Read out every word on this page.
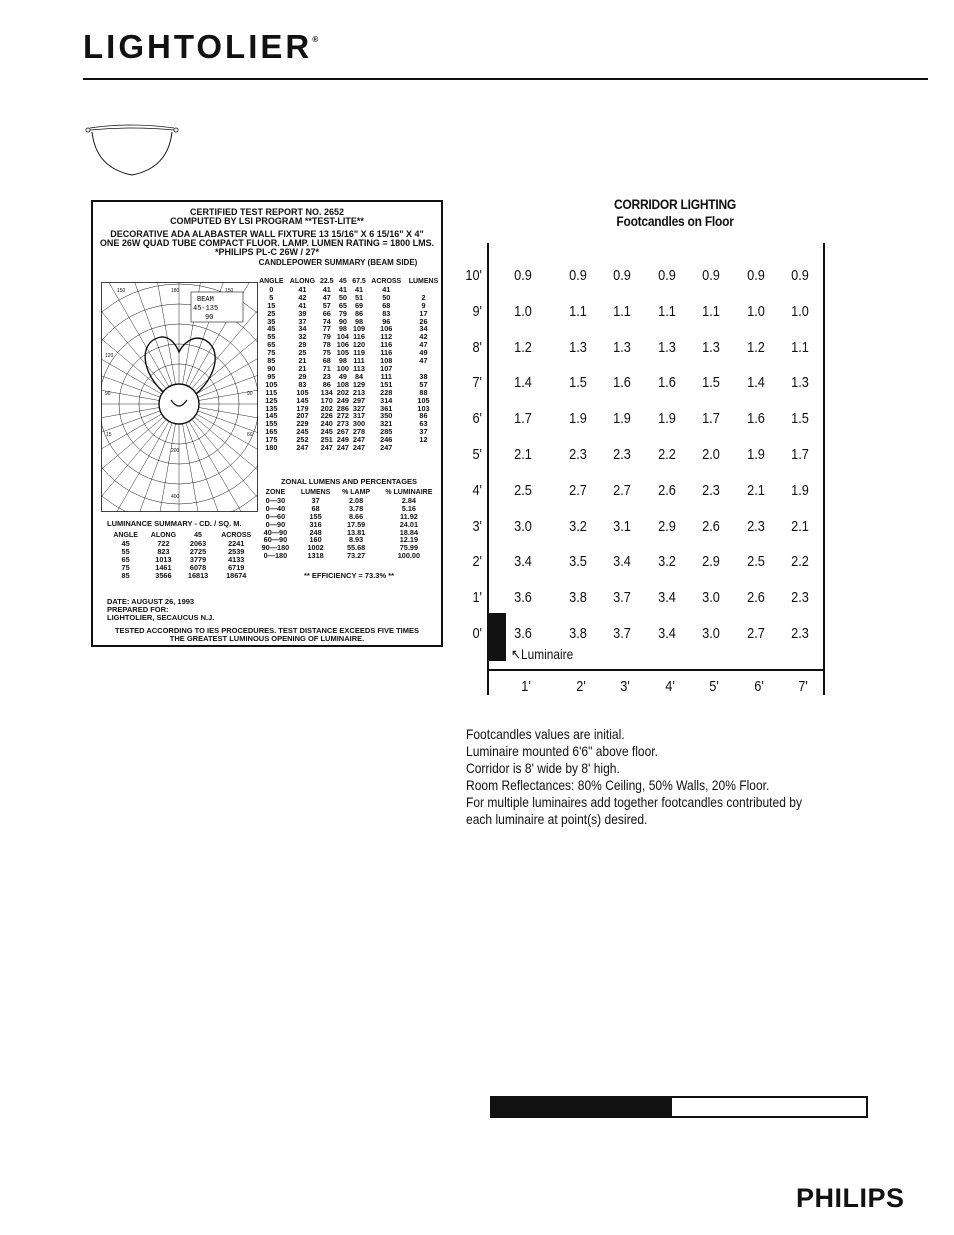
LIGHTOLIER®
CERTIFIED TEST REPORT NO. 2652
COMPUTED BY LSI PROGRAM **TEST-LITE**
DECORATIVE ADA ALABASTER WALL FIXTURE 13 15/16" X 6 15/16" X 4"
ONE 26W QUAD TUBE COMPACT FLUOR. LAMP. LUMEN RATING = 1800 LMS.
*PHILIPS PL-C 26W / 27*
CANDLEPOWER SUMMARY (BEAM SIDE)
BEAM
45-135
90
150	180	150
120
90	90
15	60
200
400
ANGLE	ALONG	22.5	45	67.5	ACROSS	LUMENS
0	41	41	41	41	41	
5	42	47	50	51	50	2
15	41	57	65	69	68	9
25	39	66	79	86	83	17
35	37	74	90	98	96	26
45	34	77	98	109	106	34
55	32	79	104	116	112	42
65	29	78	106	120	116	47
75	25	75	105	119	116	49
85	21	68	98	111	108	47
90	21	71	100	113	107	
95	29	23	49	84	111	38
105	83	86	108	129	151	57
115	105	134	202	213	228	88
125	145	170	249	297	314	105
135	179	202	286	327	361	103
145	207	226	272	317	350	86
155	229	240	273	300	321	63
165	245	245	267	278	285	37
175	252	251	249	247	246	12
180	247	247	247	247	247	
ZONAL LUMENS AND PERCENTAGES
ZONE	LUMENS	% LAMP	% LUMINAIRE
0—30	37	2.08	2.84
0—40	68	3.78	5.16
0—60	155	8.66	11.92
0—90	316	17.59	24.01
40—90	248	13.81	18.84
60—90	160	8.93	12.19
90—180	1002	55.68	75.99
0—180	1318	73.27	100.00
** EFFICIENCY = 73.3% **
LUMINANCE SUMMARY - CD. / SQ. M.
ANGLE	ALONG	45	ACROSS
45	722	2063	2241
55	823	2725	2539
65	1013	3779	4133
75	1461	6078	6719
85	3566	16813	18674
DATE: AUGUST 26, 1993
PREPARED FOR:
LIGHTOLIER, SECAUCUS N.J.
TESTED ACCORDING TO IES PROCEDURES. TEST DISTANCE EXCEEDS FIVE TIMES
THE GREATEST LUMINOUS OPENING OF LUMINAIRE.
CORRIDOR LIGHTING
Footcandles on Floor
↖Luminaire
10'	0.9	0.9	0.9	0.9	0.9	0.9	0.9
9'	1.0	1.1	1.1	1.1	1.1	1.0	1.0
8'	1.2	1.3	1.3	1.3	1.3	1.2	1.1
7'	1.4	1.5	1.6	1.6	1.5	1.4	1.3
6'	1.7	1.9	1.9	1.9	1.7	1.6	1.5
5'	2.1	2.3	2.3	2.2	2.0	1.9	1.7
4'	2.5	2.7	2.7	2.6	2.3	2.1	1.9
3'	3.0	3.2	3.1	2.9	2.6	2.3	2.1
2'	3.4	3.5	3.4	3.2	2.9	2.5	2.2
1'	3.6	3.8	3.7	3.4	3.0	2.6	2.3
0'	3.6	3.8	3.7	3.4	3.0	2.7	2.3
1'	2'	3'	4'	5'	6'	7'
Footcandles values are initial.
Luminaire mounted 6'6" above floor.
Corridor is 8' wide by 8' high.
Room Reflectances: 80% Ceiling, 50% Walls, 20% Floor.
For multiple luminaires add together footcandles contributed by
each luminaire at point(s) desired.
PHILIPS
